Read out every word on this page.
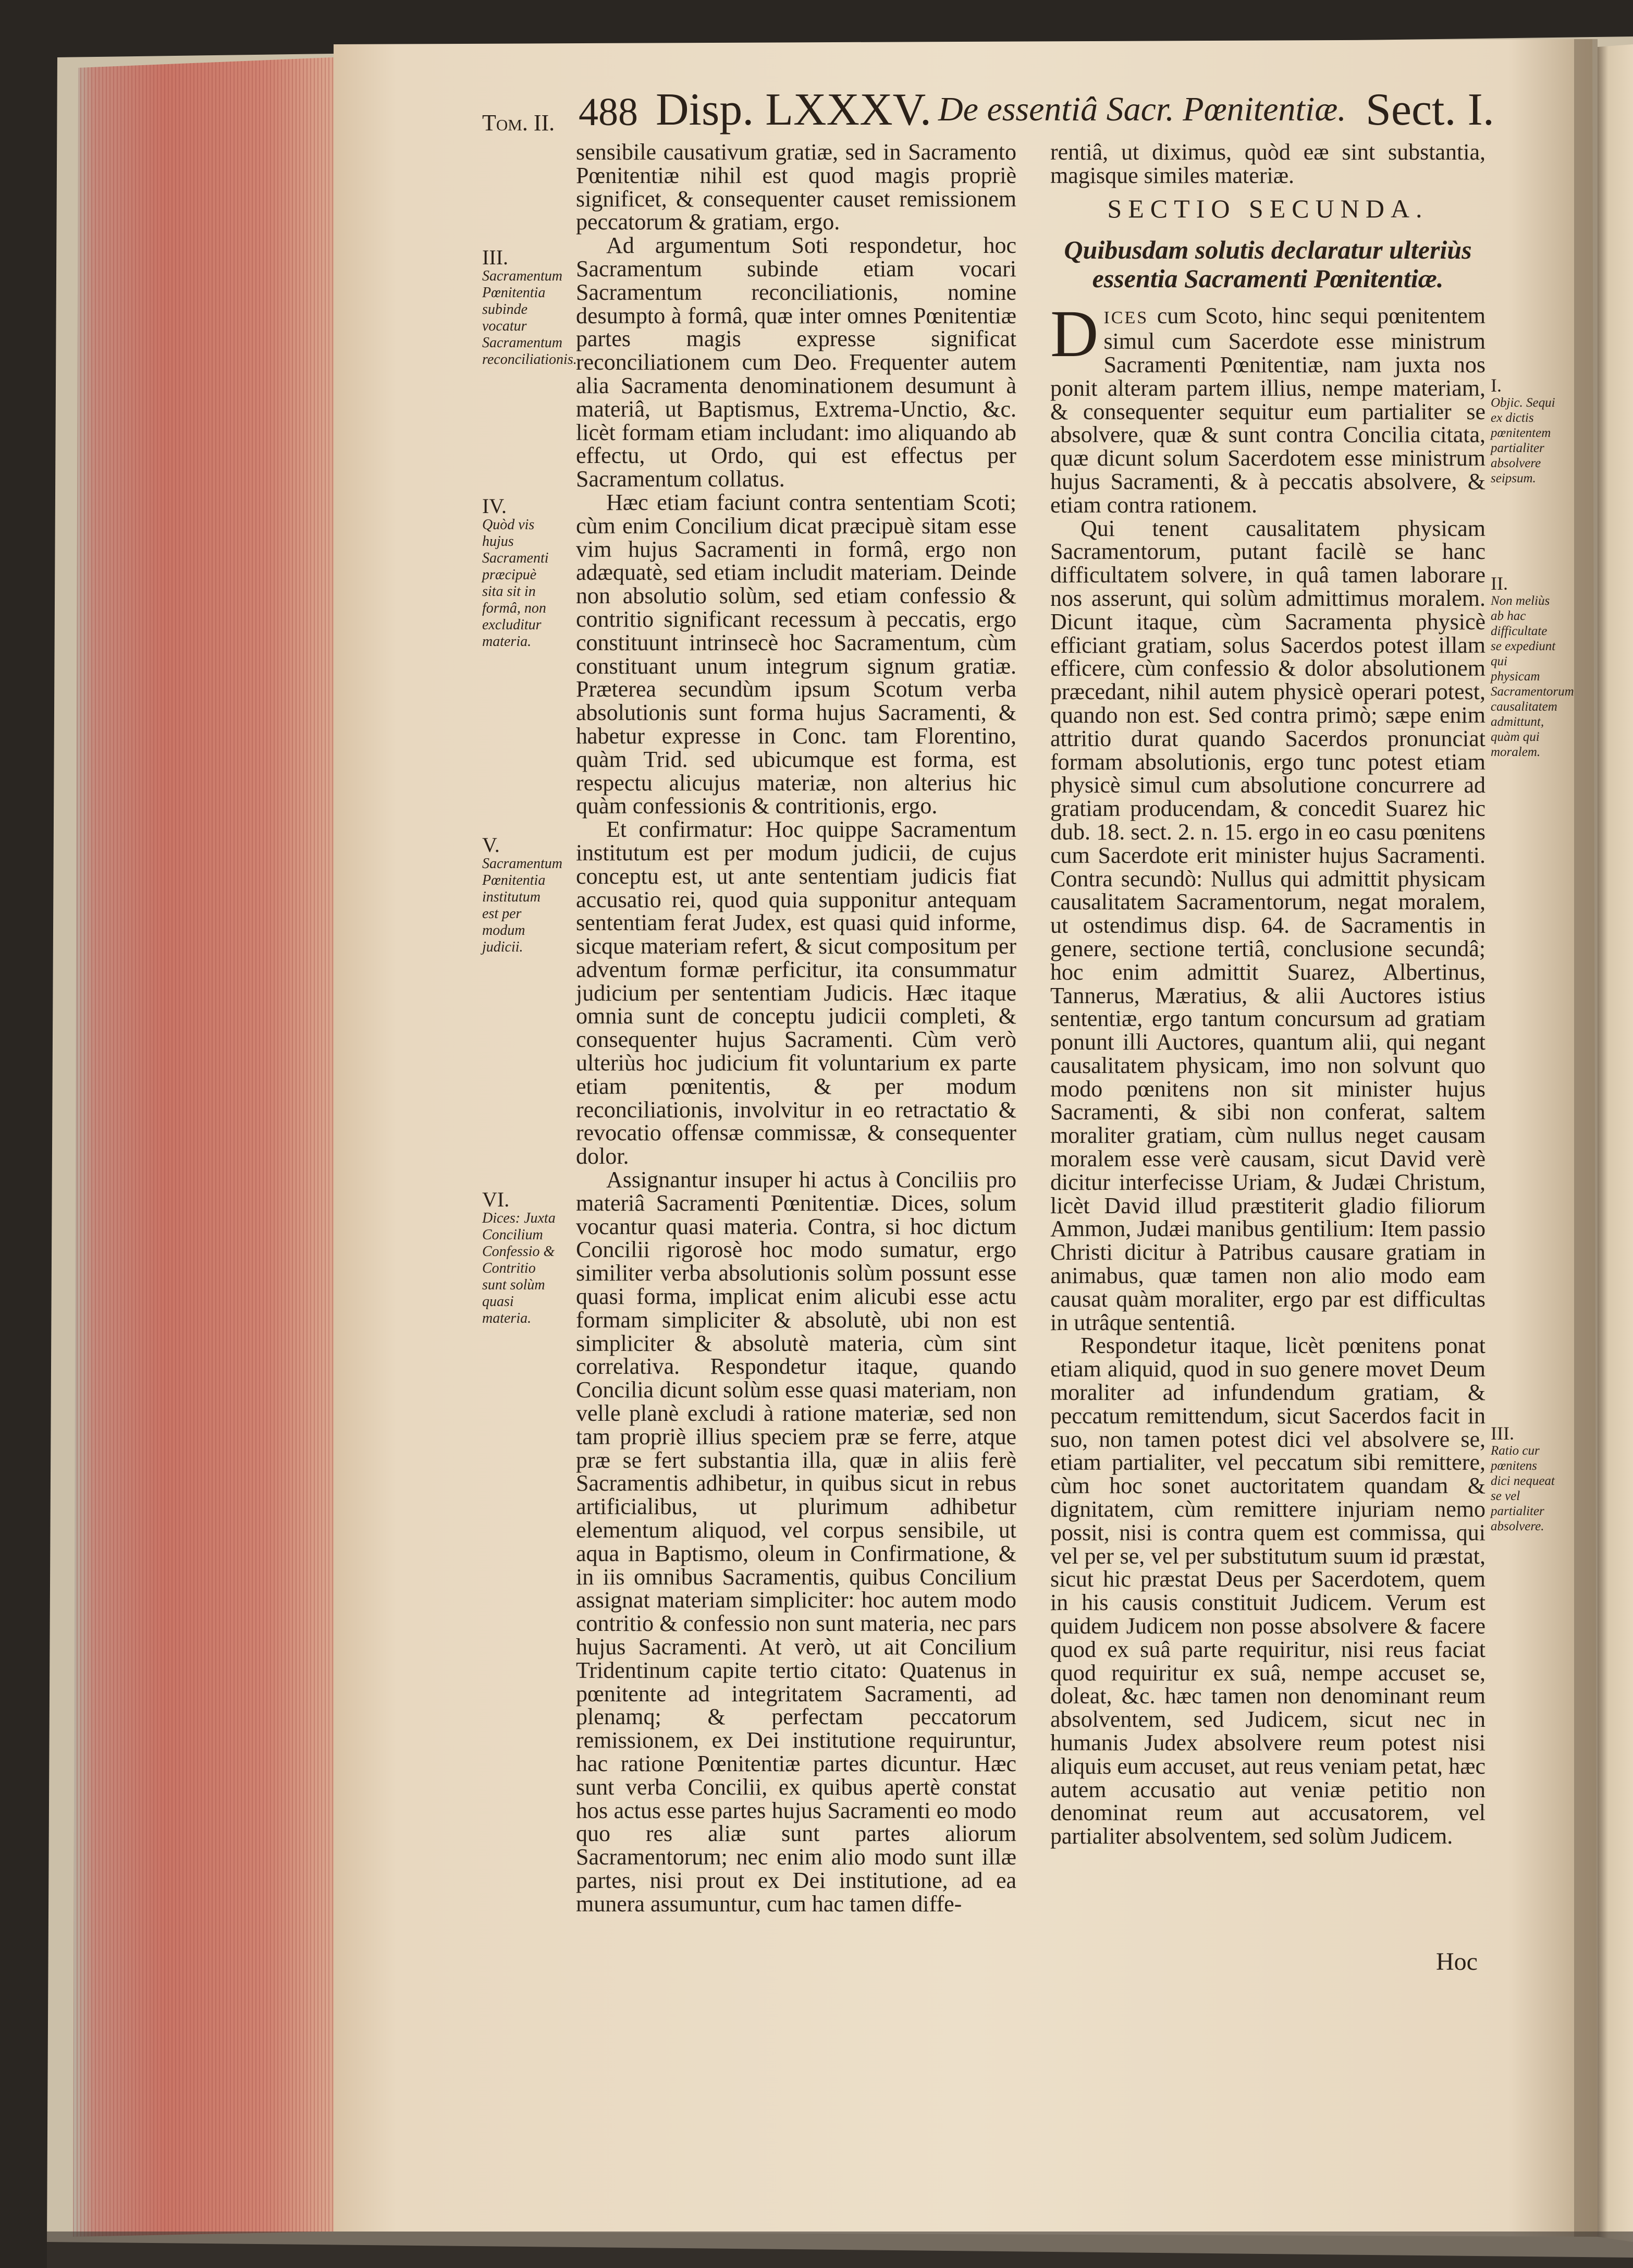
Tom. II. 488 Disp. LXXXV. De essentiâ Sacr. Pœnitentiæ. Sect. I.
III.
Sacramentum Pœnitentia subinde vocatur Sacramentum reconciliationis.
IV.
Quòd vis hujus Sacramenti præcipuè sita sit in formâ, non excluditur materia.
V.
Sacramentum Pœnitentia institutum est per modum judicii.
VI.
Dices: Juxta Concilium Confessio & Contritio sunt solùm quasi materia.

sensibile causativum gratiæ, sed in Sacramento Pœnitentiæ nihil est quod magis propriè significet, & consequenter causet remissionem peccatorum & gratiam, ergo.

Ad argumentum Soti respondetur, hoc Sacramentum subinde etiam vocari Sacramentum reconciliationis, nomine desumpto à formâ, quæ inter omnes Pœnitentiæ partes magis expresse significat reconciliationem cum Deo. Frequenter autem alia Sacramenta denominationem desumunt à materiâ, ut Baptismus, Extrema-Unctio, &c. licèt formam etiam includant: imo aliquando ab effectu, ut Ordo, qui est effectus per Sacramentum collatus.

Hæc etiam faciunt contra sententiam Scoti; cùm enim Concilium dicat præcipuè sitam esse vim hujus Sacramenti in formâ, ergo non adæquatè, sed etiam includit materiam. Deinde non absolutio solùm, sed etiam confessio & contritio significant recessum à peccatis, ergo constituunt intrinsecè hoc Sacramentum, cùm constituant unum integrum signum gratiæ. Præterea secundùm ipsum Scotum verba absolutionis sunt forma hujus Sacramenti, & habetur expresse in Conc. tam Florentino, quàm Trid. sed ubicumque est forma, est respectu alicujus materiæ, non alterius hic quàm confessionis & contritionis, ergo.

Et confirmatur: Hoc quippe Sacramentum institutum est per modum judicii, de cujus conceptu est, ut ante sententiam judicis fiat accusatio rei, quod quia supponitur antequam sententiam ferat Judex, est quasi quid informe, sicque materiam refert, & sicut compositum per adventum formæ perficitur, ita consummatur judicium per sententiam Judicis. Hæc itaque omnia sunt de conceptu judicii completi, & consequenter hujus Sacramenti. Cùm verò ulteriùs hoc judicium fit voluntarium ex parte etiam pœnitentis, & per modum reconciliationis, involvitur in eo retractatio & revocatio offensæ commissæ, & consequenter dolor.

Assignantur insuper hi actus à Conciliis pro materiâ Sacramenti Pœnitentiæ. Dices, solum vocantur quasi materia. Contra, si hoc dictum Concilii rigorosè hoc modo sumatur, ergo similiter verba absolutionis solùm possunt esse quasi forma, implicat enim alicubi esse actu formam simpliciter & absolutè, ubi non est simpliciter & absolutè materia, cùm sint correlativa. Respondetur itaque, quando Concilia dicunt solùm esse quasi materiam, non velle planè excludi à ratione materiæ, sed non tam propriè illius speciem præ se ferre, atque præ se fert substantia illa, quæ in aliis ferè Sacramentis adhibetur, in quibus sicut in rebus artificialibus, ut plurimum adhibetur elementum aliquod, vel corpus sensibile, ut aqua in Baptismo, oleum in Confirmatione, & in iis omnibus Sacramentis, quibus Concilium assignat materiam simpliciter: hoc autem modo contritio & confessio non sunt materia, nec pars hujus Sacramenti. At verò, ut ait Concilium Tridentinum capite tertio citato: Quatenus in pœnitente ad integritatem Sacramenti, ad plenamq; & perfectam peccatorum remissionem, ex Dei institutione requiruntur, hac ratione Pœnitentiæ partes dicuntur. Hæc sunt verba Concilii, ex quibus apertè constat hos actus esse partes hujus Sacramenti eo modo quo res aliæ sunt partes aliorum Sacramentorum; nec enim alio modo sunt illæ partes, nisi prout ex Dei institutione, ad ea munera assumuntur, cum hac tamen diffe-

rentiâ, ut diximus, quòd eæ sint substantia, magisque similes materiæ.

SECTIO SECUNDA.
Quibusdam solutis declaratur ulteriùs essentia Sacramenti Pœnitentiæ.

DICES cum Scoto, hinc sequi pœnitentem simul cum Sacerdote esse ministrum Sacramenti Pœnitentiæ, nam juxta nos ponit alteram partem illius, nempe materiam, & consequenter sequitur eum partialiter se absolvere, quæ & sunt contra Concilia citata, quæ dicunt solum Sacerdotem esse ministrum hujus Sacramenti, & à peccatis absolvere, & etiam contra rationem.

Qui tenent causalitatem physicam Sacramentorum, putant facilè se hanc difficultatem solvere, in quâ tamen laborare nos asserunt, qui solùm admittimus moralem. Dicunt itaque, cùm Sacramenta physicè efficiant gratiam, solus Sacerdos potest illam efficere, cùm confessio & dolor absolutionem præcedant, nihil autem physicè operari potest, quando non est. Sed contra primò; sæpe enim attritio durat quando Sacerdos pronunciat formam absolutionis, ergo tunc potest etiam physicè simul cum absolutione concurrere ad gratiam producendam, & concedit Suarez hic dub. 18. sect. 2. n. 15. ergo in eo casu pœnitens cum Sacerdote erit minister hujus Sacramenti. Contra secundò: Nullus qui admittit physicam causalitatem Sacramentorum, negat moralem, ut ostendimus disp. 64. de Sacramentis in genere, sectione tertiâ, conclusione secundâ; hoc enim admittit Suarez, Albertinus, Tannerus, Mæratius, & alii Auctores istius sententiæ, ergo tantum concursum ad gratiam ponunt illi Auctores, quantum alii, qui negant causalitatem physicam, imo non solvunt quo modo pœnitens non sit minister hujus Sacramenti, & sibi non conferat, saltem moraliter gratiam, cùm nullus neget causam moralem esse verè causam, sicut David verè dicitur interfecisse Uriam, & Judæi Christum, licèt David illud præstiterit gladio filiorum Ammon, Judæi manibus gentilium: Item passio Christi dicitur à Patribus causare gratiam in animabus, quæ tamen non alio modo eam causat quàm moraliter, ergo par est difficultas in utrâque sententiâ.

Respondetur itaque, licèt pœnitens ponat etiam aliquid, quod in suo genere movet Deum moraliter ad infundendum gratiam, & peccatum remittendum, sicut Sacerdos facit in suo, non tamen potest dici vel absolvere se, etiam partialiter, vel peccatum sibi remittere, cùm hoc sonet auctoritatem quandam & dignitatem, cùm remittere injuriam nemo possit, nisi is contra quem est commissa, qui vel per se, vel per substitutum suum id præstat, sicut hic præstat Deus per Sacerdotem, quem in his causis constituit Judicem. Verum est quidem Judicem non posse absolvere & facere quod ex suâ parte requiritur, nisi reus faciat quod requiritur ex suâ, nempe accuset se, doleat, &c. hæc tamen non denominant reum absolventem, sed Judicem, sicut nec in humanis Judex absolvere reum potest nisi aliquis eum accuset, aut reus veniam petat, hæc autem accusatio aut veniæ petitio non denominat reum aut accusatorem, vel partialiter absolventem, sed solùm Judicem.

I.
Objic. Sequi ex dictis pœnitentem partialiter absolvere seipsum.
II.
Non meliùs ab hac difficultate se expediunt qui physicam Sacramentorum causalitatem admittunt, quàm qui moralem.
III.
Ratio cur pœnitens dici nequeat se vel partialiter absolvere.
Hoc
